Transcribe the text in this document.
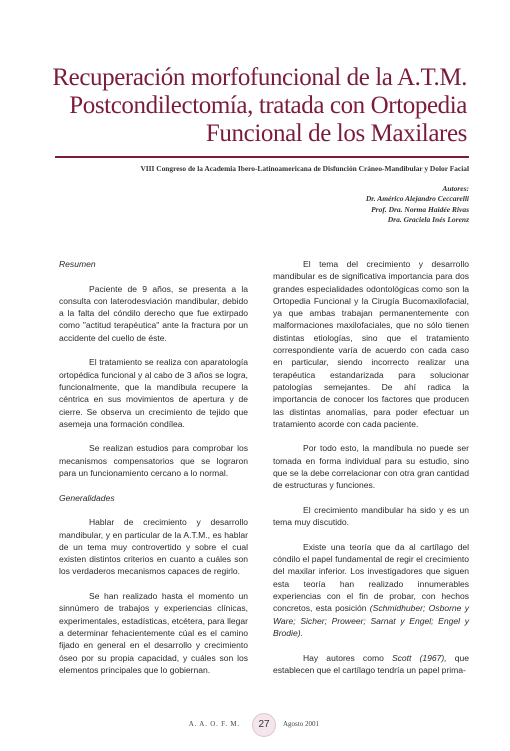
Recuperación morfofuncional de la A.T.M.
Postcondilectomía, tratada con Ortopedia
Funcional de los Maxilares
VIII Congreso de la Academia Ibero-Latinoamericana de Disfunción Cráneo-Mandibular y Dolor Facial
Autores:
Dr. Américo Alejandro Ceccarelli
Prof. Dra. Norma Haidée Rivas
Dra. Graciela Inés Lorenz
Resumen
Paciente de 9 años, se presenta a la consulta con laterodesviación mandibular, debido a la falta del cóndilo derecho que fue extirpado como "actitud terapéutica" ante la fractura por un accidente del cuello de éste.
El tratamiento se realiza con aparatología ortopédica funcional y al cabo de 3 años se logra, funcionalmente, que la mandíbula recupere la céntrica en sus movimientos de apertura y de cierre. Se observa un crecimiento de tejido que asemeja una formación condílea.
Se realizan estudios para comprobar los mecanismos compensatorios que se lograron para un funcionamiento cercano a lo normal.
Generalidades
Hablar de crecimiento y desarrollo mandibular, y en particular de la A.T.M., es hablar de un tema muy controvertido y sobre el cual existen distintos criterios en cuanto a cuáles son los verdaderos mecanismos capaces de regirlo.
Se han realizado hasta el momento un sinnúmero de trabajos y experiencias clínicas, experimentales, estadísticas, etcétera, para llegar a determinar fehacientemente cúal es el camino fijado en general en el desarrollo y crecimiento óseo por su propia capacidad, y cuáles son los elementos principales que lo gobiernan.
El tema del crecimiento y desarrollo mandibular es de significativa importancia para dos grandes especialidades odontológicas como son la Ortopedia Funcional y la Cirugía Bucomaxilofacial, ya que ambas trabajan permanentemente con malformaciones maxilofaciales, que no sólo tienen distintas etiologías, sino que el tratamiento correspondiente varía de acuerdo con cada caso en particular, siendo incorrecto realizar una terapéutica estandarizada para solucionar patologías semejantes. De ahí radica la importancia de conocer los factores que producen las distintas anomalías, para poder efectuar un tratamiento acorde con cada paciente.
Por todo esto, la mandíbula no puede ser tomada en forma individual para su estudio, sino que se la debe correlacionar con otra gran cantidad de estructuras y funciones.
El crecimiento mandibular ha sido y es un tema muy discutido.
Existe una teoría que da al cartílago del cóndilo el papel fundamental de regir el crecimiento del maxilar inferior. Los investigadores que siguen esta teoría han realizado innumerables experiencias con el fin de probar, con hechos concretos, esta posición (Schmidhuber; Osborne y Ware; Sicher; Proweer; Sarnat y Engel; Engel y Brodie).
Hay autores como Scott (1967), que establecen que el cartílago tendría un papel prima-
A. A. O. F. M.	27	Agosto 2001
